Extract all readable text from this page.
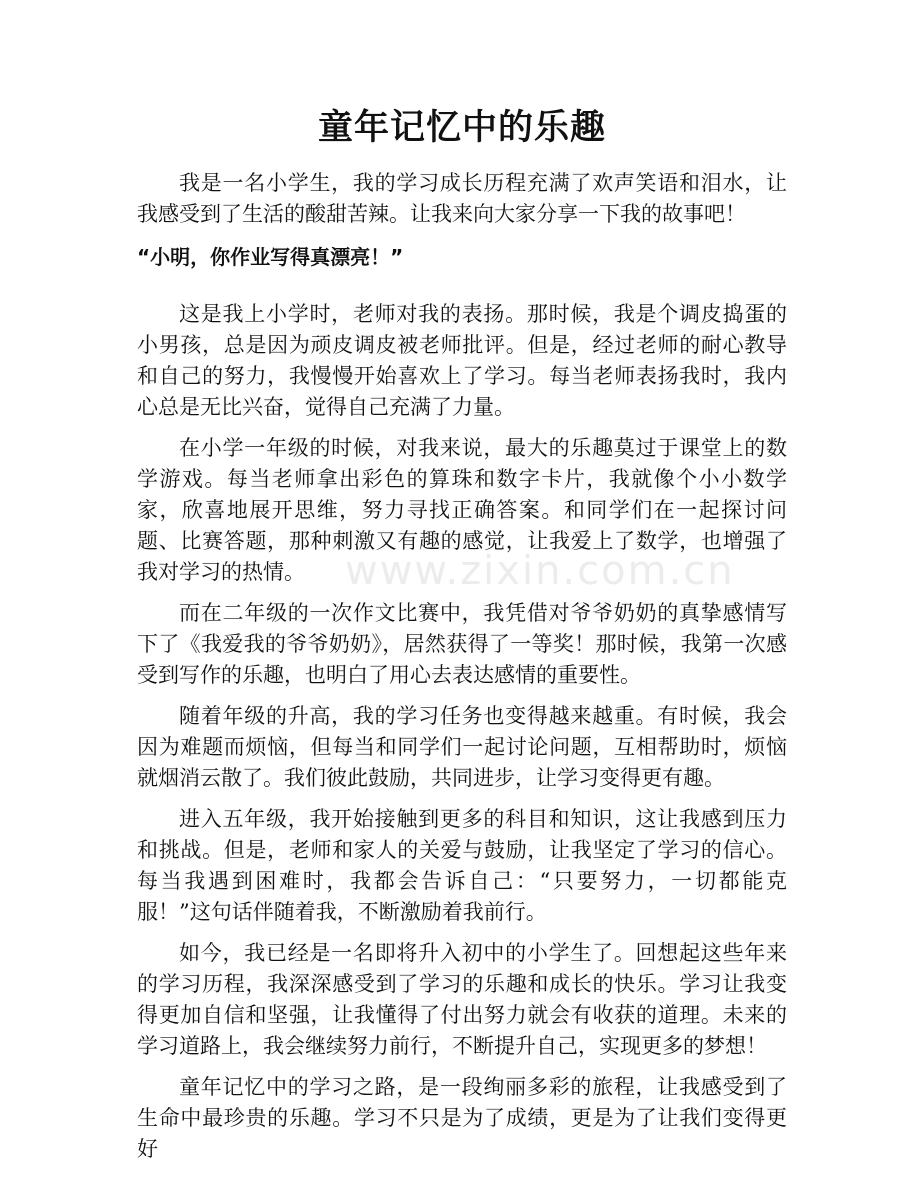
www.zixin.com.cn
童年记忆中的乐趣

我是一名小学生，我的学习成长历程充满了欢声笑语和泪水，让我感受到了生活的酸甜苦辣。让我来向大家分享一下我的故事吧！

“小明，你作业写得真漂亮！”

这是我上小学时，老师对我的表扬。那时候，我是个调皮捣蛋的小男孩，总是因为顽皮调皮被老师批评。但是，经过老师的耐心教导和自己的努力，我慢慢开始喜欢上了学习。每当老师表扬我时，我内心总是无比兴奋，觉得自己充满了力量。

在小学一年级的时候，对我来说，最大的乐趣莫过于课堂上的数学游戏。每当老师拿出彩色的算珠和数字卡片，我就像个小小数学家，欣喜地展开思维，努力寻找正确答案。和同学们在一起探讨问题、比赛答题，那种刺激又有趣的感觉，让我爱上了数学，也增强了我对学习的热情。

而在二年级的一次作文比赛中，我凭借对爷爷奶奶的真挚感情写下了《我爱我的爷爷奶奶》，居然获得了一等奖！那时候，我第一次感受到写作的乐趣，也明白了用心去表达感情的重要性。

随着年级的升高，我的学习任务也变得越来越重。有时候，我会因为难题而烦恼，但每当和同学们一起讨论问题，互相帮助时，烦恼就烟消云散了。我们彼此鼓励，共同进步，让学习变得更有趣。

进入五年级，我开始接触到更多的科目和知识，这让我感到压力和挑战。但是，老师和家人的关爱与鼓励，让我坚定了学习的信心。每当我遇到困难时，我都会告诉自己：“只要努力，一切都能克服！”这句话伴随着我，不断激励着我前行。

如今，我已经是一名即将升入初中的小学生了。回想起这些年来的学习历程，我深深感受到了学习的乐趣和成长的快乐。学习让我变得更加自信和坚强，让我懂得了付出努力就会有收获的道理。未来的学习道路上，我会继续努力前行，不断提升自己，实现更多的梦想！

童年记忆中的学习之路，是一段绚丽多彩的旅程，让我感受到了生命中最珍贵的乐趣。学习不只是为了成绩，更是为了让我们变得更好
